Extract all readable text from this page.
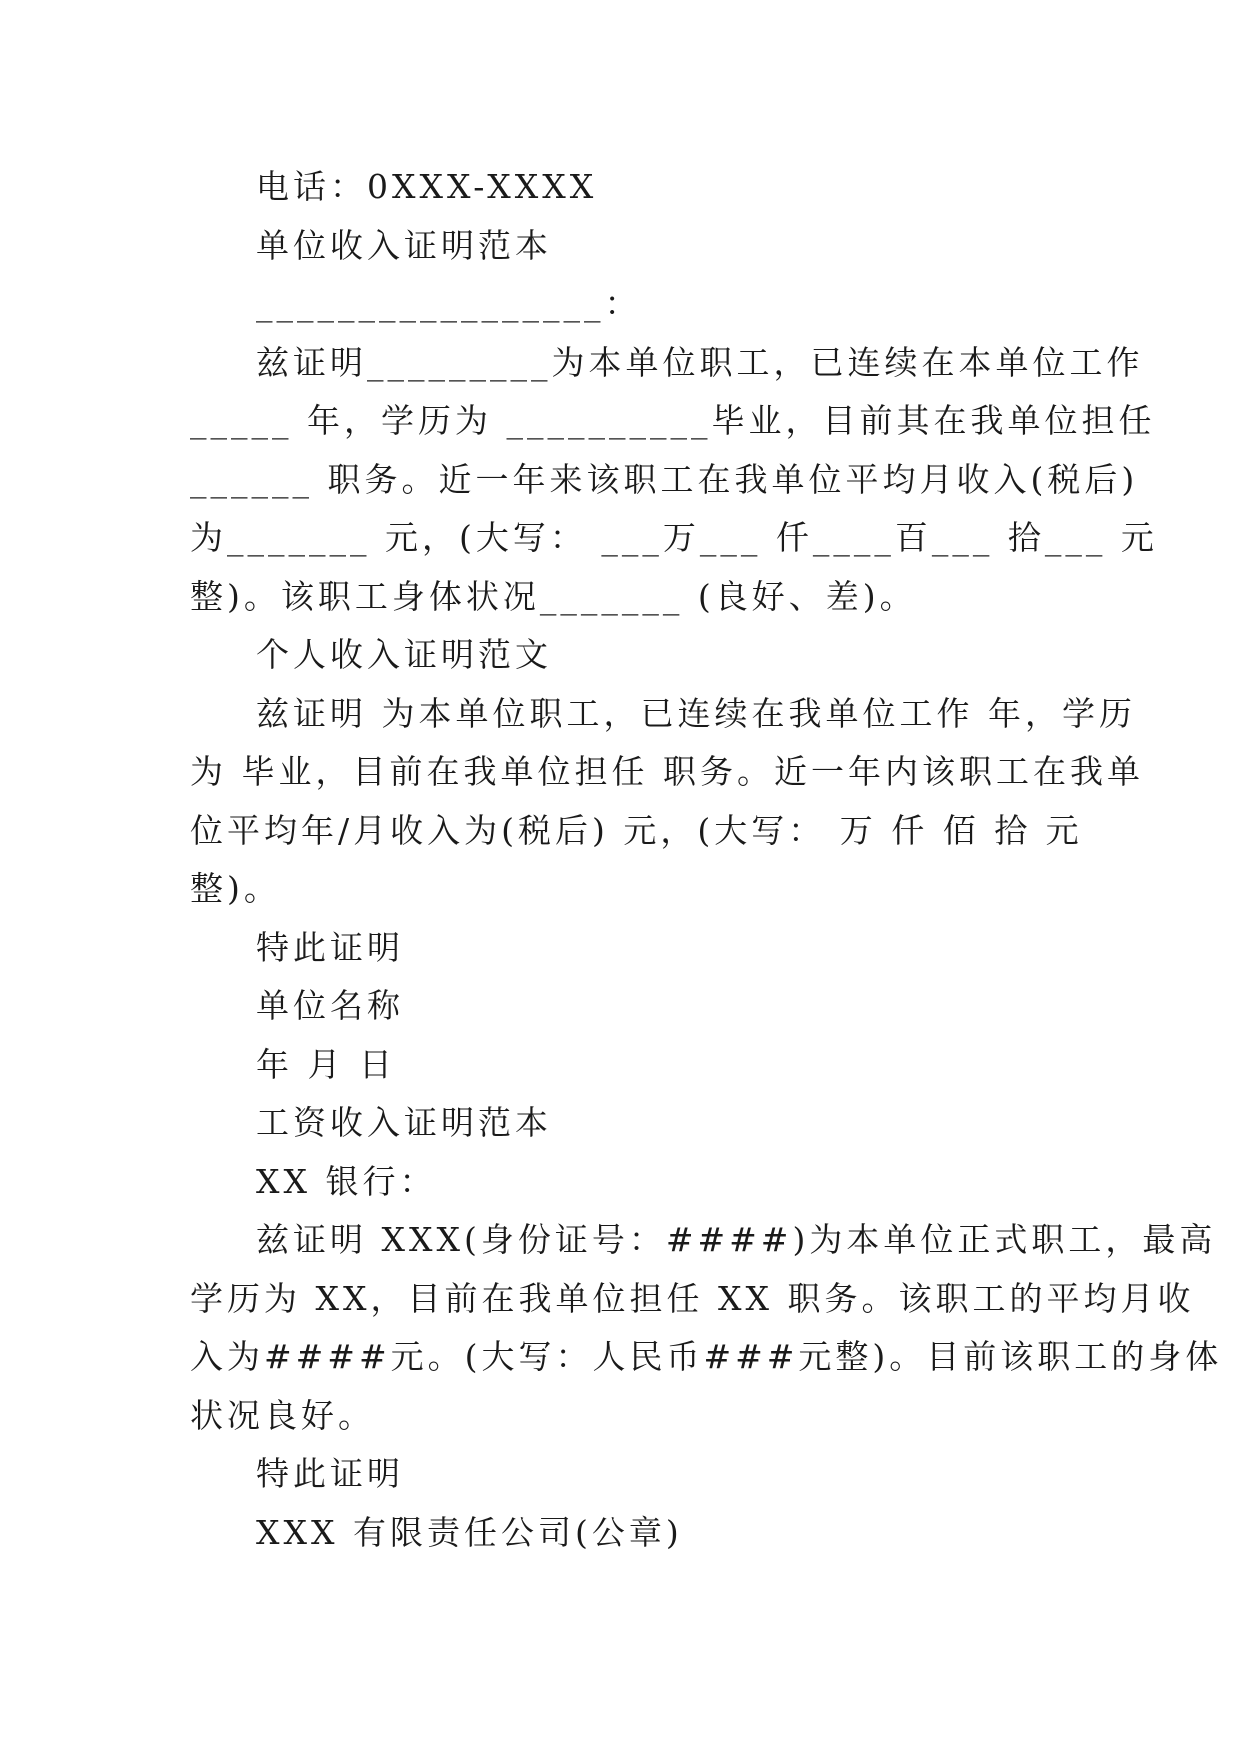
电话：0XXX-XXXX
单位收入证明范本
_________________：
兹证明_________为本单位职工，已连续在本单位工作
_____ 年，学历为 __________毕业，目前其在我单位担任
______ 职务。近一年来该职工在我单位平均月收入(税后)
为_______ 元，(大写： ___万___ 仟____百___ 拾___ 元
整)。该职工身体状况_______ (良好、差)。
个人收入证明范文
兹证明 为本单位职工，已连续在我单位工作 年，学历
为 毕业，目前在我单位担任 职务。近一年内该职工在我单
位平均年/月收入为(税后) 元，(大写： 万 仟 佰 拾 元
整)。
特此证明
单位名称
年 月 日
工资收入证明范本
XX 银行：
兹证明 XXX(身份证号：####)为本单位正式职工，最高
学历为 XX，目前在我单位担任 XX 职务。该职工的平均月收
入为####元。(大写：人民币###元整)。目前该职工的身体
状况良好。
特此证明
XXX 有限责任公司(公章)
